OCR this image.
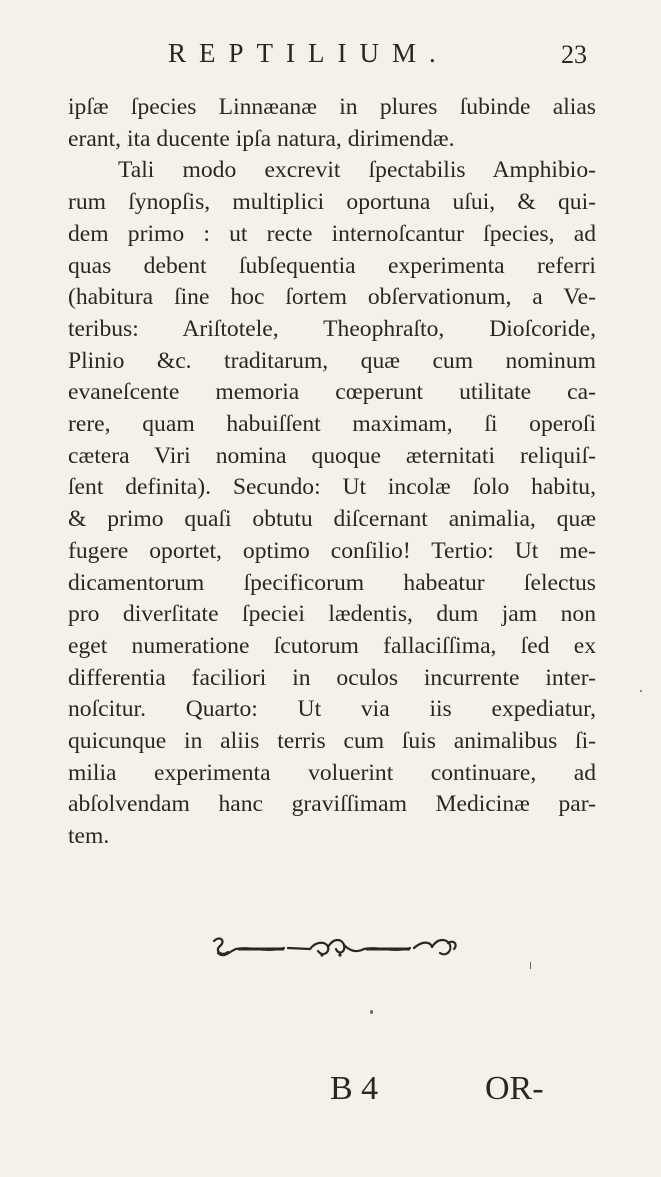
REPTILIUM.	23
ipſæ ſpecies Linnæanæ in plures ſubinde alias
erant, ita ducente ipſa natura, dirimendæ.
Tali modo excrevit ſpectabilis Amphibio-
rum ſynopſis, multiplici oportuna uſui, & qui-
dem primo : ut recte internoſcantur ſpecies, ad
quas debent ſubſequentia experimenta referri
(habitura ſine hoc ſortem obſervationum, a Ve-
teribus: Ariſtotele, Theophraſto, Dioſcoride,
Plinio &c. traditarum, quæ cum nominum
evaneſcente memoria cœperunt utilitate ca-
rere, quam habuiſſent maximam, ſi operoſi
cætera Viri nomina quoque æternitati reliquiſ-
ſent definita). Secundo: Ut incolæ ſolo habitu,
& primo quaſi obtutu diſcernant animalia, quæ
fugere oportet, optimo conſilio! Tertio: Ut me-
dicamentorum ſpecificorum habeatur ſelectus
pro diverſitate ſpeciei lædentis, dum jam non
eget numeratione ſcutorum fallaciſſima, ſed ex
differentia faciliori in oculos incurrente inter-
noſcitur. Quarto: Ut via iis expediatur,
quicunque in aliis terris cum ſuis animalibus ſi-
milia experimenta voluerint continuare, ad
abſolvendam hanc graviſſimam Medicinæ par-
tem.
B 4	OR-
